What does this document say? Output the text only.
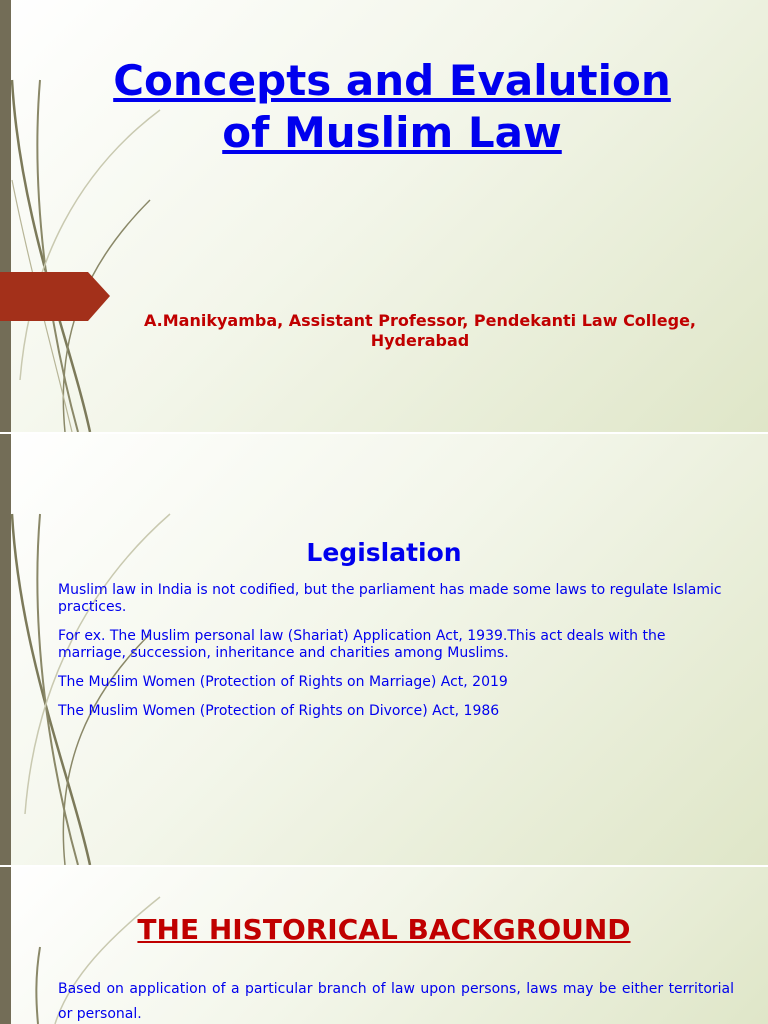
Concepts and Evalution of Muslim Law
A.Manikyamba, Assistant Professor, Pendekanti Law College, Hyderabad
Legislation
Muslim law in India is not codified, but the parliament has made some laws to regulate Islamic practices.
For ex. The Muslim personal law (Shariat) Application Act, 1939.This act deals with the marriage, succession, inheritance and charities among Muslims.
The Muslim Women (Protection of Rights on Marriage) Act, 2019
The Muslim Women (Protection of Rights on Divorce) Act, 1986
THE HISTORICAL BACKGROUND

Based on application of a particular branch of law upon persons, laws may be either territorial or personal.
